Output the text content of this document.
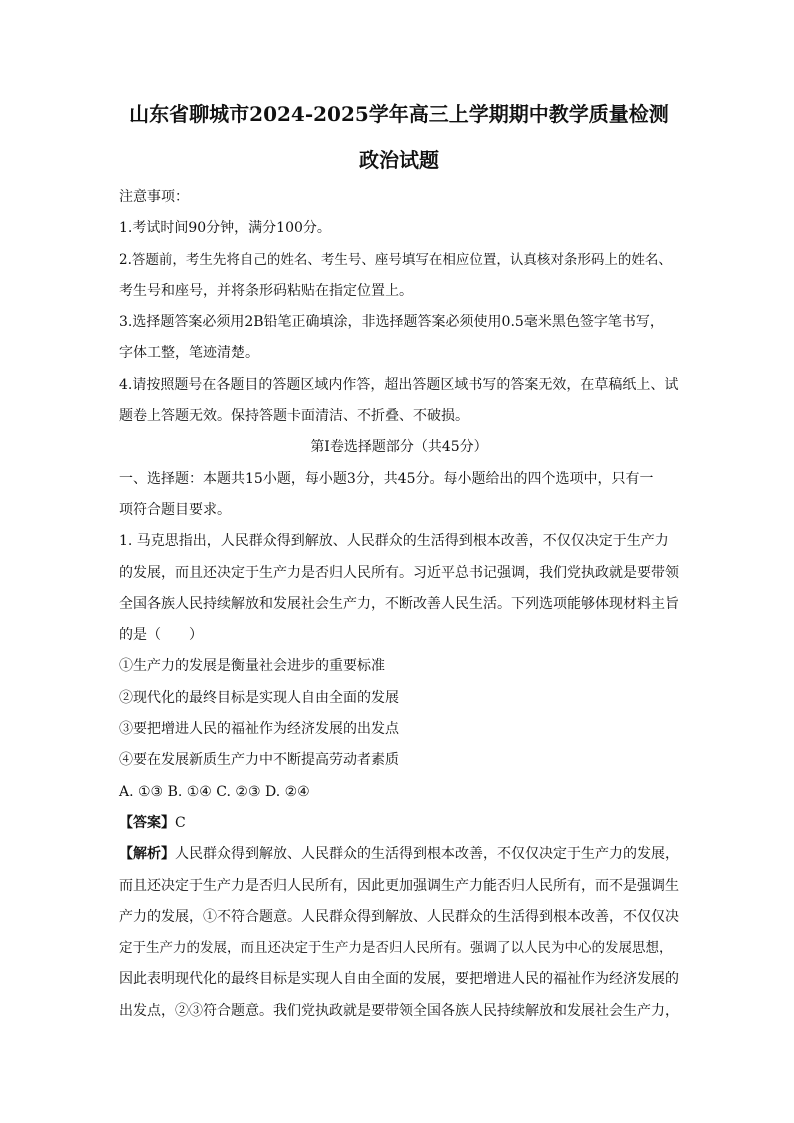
山东省聊城市2024-2025学年高三上学期期中教学质量检测
政治试题

注意事项：

1.考试时间90分钟，满分100分。

2.答题前，考生先将自己的姓名、考生号、座号填写在相应位置，认真核对条形码上的姓名、

考生号和座号，并将条形码粘贴在指定位置上。

3.选择题答案必须用2B铅笔正确填涂，非选择题答案必须使用0.5毫米黑色签字笔书写，

字体工整，笔迹清楚。

4.请按照题号在各题目的答题区域内作答，超出答题区域书写的答案无效，在草稿纸上、试

题卷上答题无效。保持答题卡面清洁、不折叠、不破损。

第I卷选择题部分（共45分）

一、选择题：本题共15小题，每小题3分，共45分。每小题给出的四个选项中，只有一

项符合题目要求。

1. 马克思指出，人民群众得到解放、人民群众的生活得到根本改善，不仅仅决定于生产力

的发展，而且还决定于生产力是否归人民所有。习近平总书记强调，我们党执政就是要带领

全国各族人民持续解放和发展社会生产力，不断改善人民生活。下列选项能够体现材料主旨

的是（　　）

①生产力的发展是衡量社会进步的重要标准

②现代化的最终目标是实现人自由全面的发展

③要把增进人民的福祉作为经济发展的出发点

④要在发展新质生产力中不断提高劳动者素质

A. ①③ B. ①④ C. ②③ D. ②④

【答案】C

【解析】人民群众得到解放、人民群众的生活得到根本改善，不仅仅决定于生产力的发展，

而且还决定于生产力是否归人民所有，因此更加强调生产力能否归人民所有，而不是强调生

产力的发展，①不符合题意。人民群众得到解放、人民群众的生活得到根本改善，不仅仅决

定于生产力的发展，而且还决定于生产力是否归人民所有。强调了以人民为中心的发展思想，

因此表明现代化的最终目标是实现人自由全面的发展，要把增进人民的福祉作为经济发展的

出发点，②③符合题意。我们党执政就是要带领全国各族人民持续解放和发展社会生产力，
